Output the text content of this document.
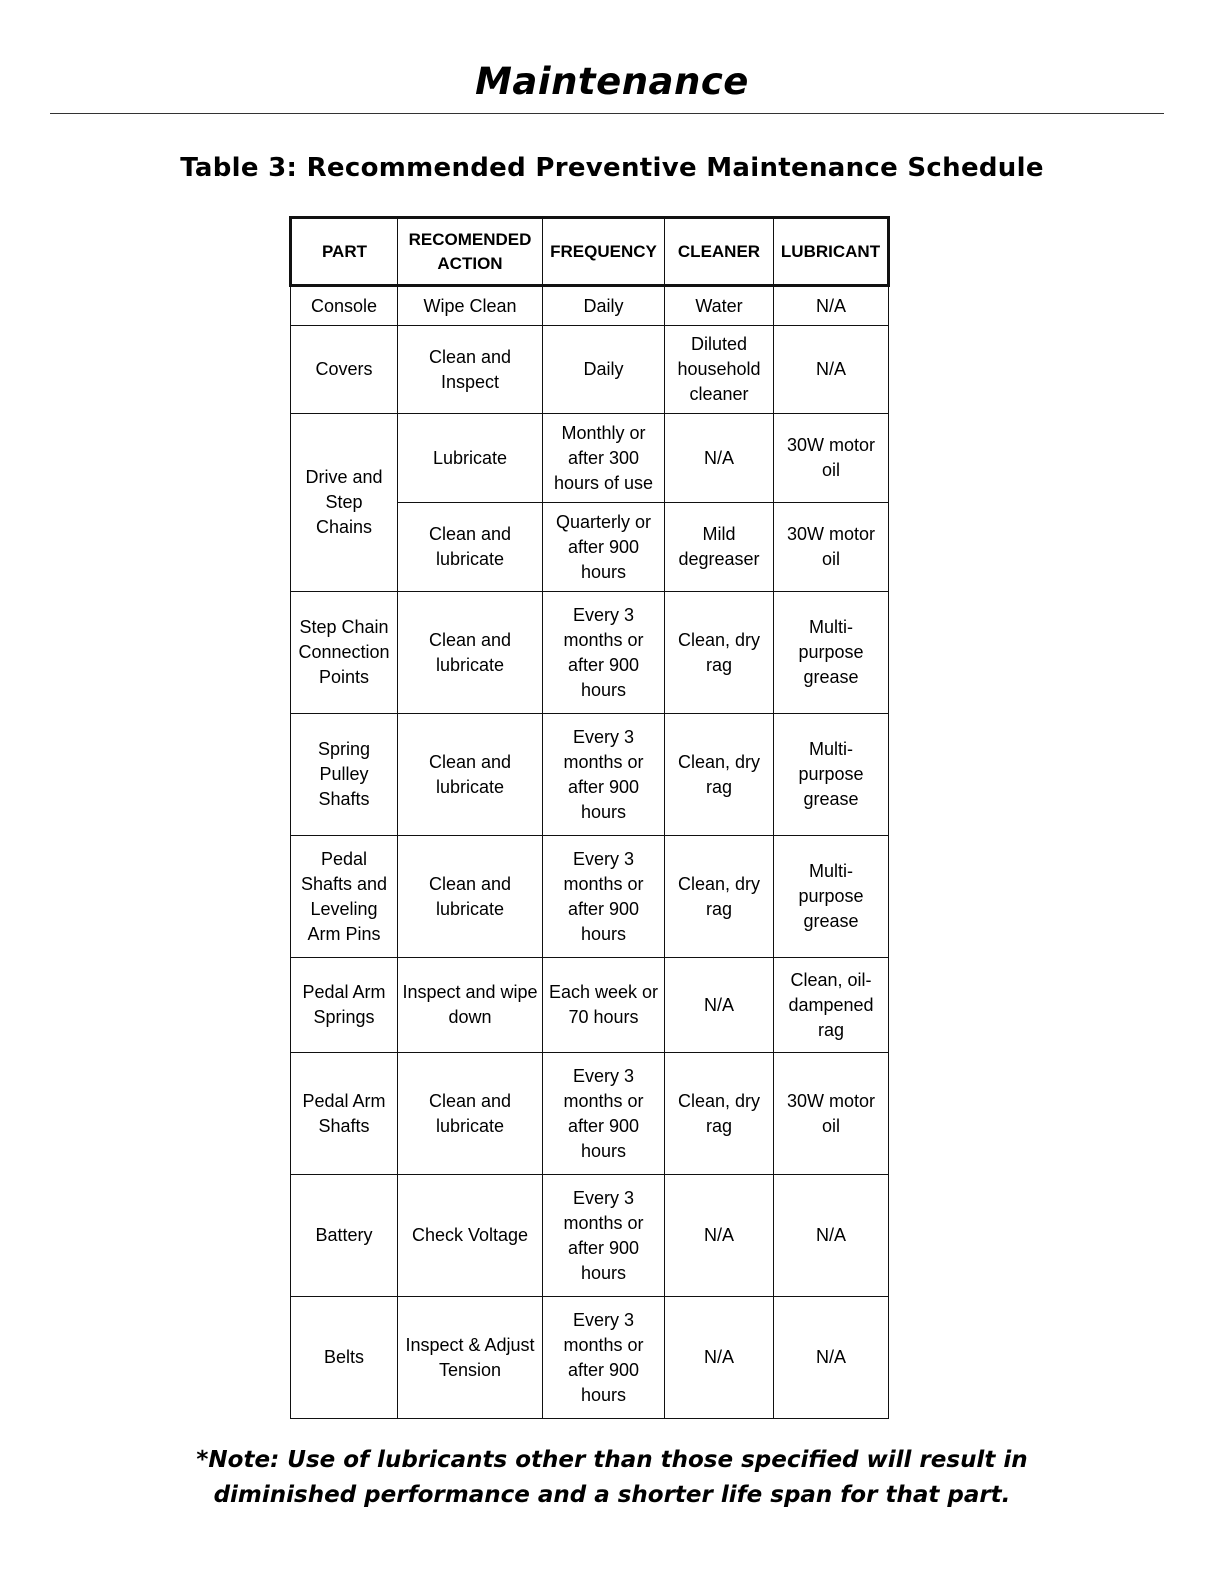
Maintenance
Table 3: Recommended Preventive Maintenance Schedule
PART	RECOMENDED ACTION	FREQUENCY	CLEANER	LUBRICANT
Console	Wipe Clean	Daily	Water	N/A
Covers	Clean and Inspect	Daily	Diluted household cleaner	N/A
Drive and Step Chains	Lubricate	Monthly or after 300 hours of use	N/A	30W motor oil
	Clean and lubricate	Quarterly or after 900 hours	Mild degreaser	30W motor oil
Step Chain Connection Points	Clean and lubricate	Every 3 months or after 900 hours	Clean, dry rag	Multi-purpose grease
Spring Pulley Shafts	Clean and lubricate	Every 3 months or after 900 hours	Clean, dry rag	Multi-purpose grease
Pedal Shafts and Leveling Arm Pins	Clean and lubricate	Every 3 months or after 900 hours	Clean, dry rag	Multi-purpose grease
Pedal Arm Springs	Inspect and wipe down	Each week or 70 hours	N/A	Clean, oil-dampened rag
Pedal Arm Shafts	Clean and lubricate	Every 3 months or after 900 hours	Clean, dry rag	30W motor oil
Battery	Check Voltage	Every 3 months or after 900 hours	N/A	N/A
Belts	Inspect & Adjust Tension	Every 3 months or after 900 hours	N/A	N/A
*Note: Use of lubricants other than those specified will result in
diminished performance and a shorter life span for that part.
